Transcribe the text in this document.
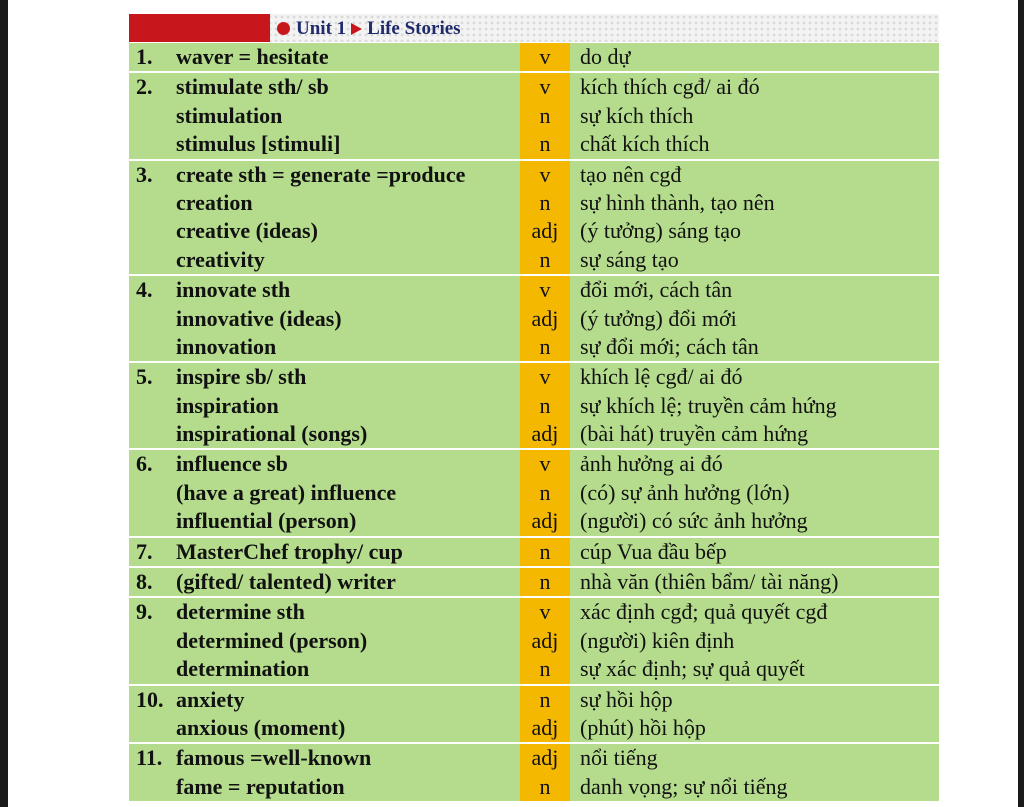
Unit 1 Life Stories
1.	waver = hesitate	v	do dự
2.	stimulate sth/ sb	v	kích thích cgđ/ ai đó
stimulation	n	sự kích thích
stimulus [stimuli]	n	chất kích thích
3.	create sth = generate =produce	v	tạo nên cgđ
creation	n	sự hình thành, tạo nên
creative (ideas)	adj (ý tưởng) sáng tạo
creativity	n	sự sáng tạo
4.	innovate sth	v	đổi mới, cách tân
innovative (ideas)	adj (ý tưởng) đổi mới
innovation	n	sự đổi mới; cách tân
5.	inspire sb/ sth	v	khích lệ cgđ/ ai đó
inspiration	n	sự khích lệ; truyền cảm hứng
inspirational (songs)	adj (bài hát) truyền cảm hứng
6.	influence sb	v	ảnh hưởng ai đó
(have a great) influence	n	(có) sự ảnh hưởng (lớn)
influential (person)	adj (người) có sức ảnh hưởng
7.	MasterChef trophy/ cup	n	cúp Vua đầu bếp
8.	(gifted/ talented) writer	n	nhà văn (thiên bẩm/ tài năng)
9.	determine sth	v	xác định cgđ; quả quyết cgđ
determined (person)	adj (người) kiên định
determination	n	sự xác định; sự quả quyết
10. anxiety	n	sự hồi hộp
anxious (moment)	adj (phút) hồi hộp
11. famous =well-known	adj nổi tiếng
fame = reputation	n	danh vọng; sự nổi tiếng
